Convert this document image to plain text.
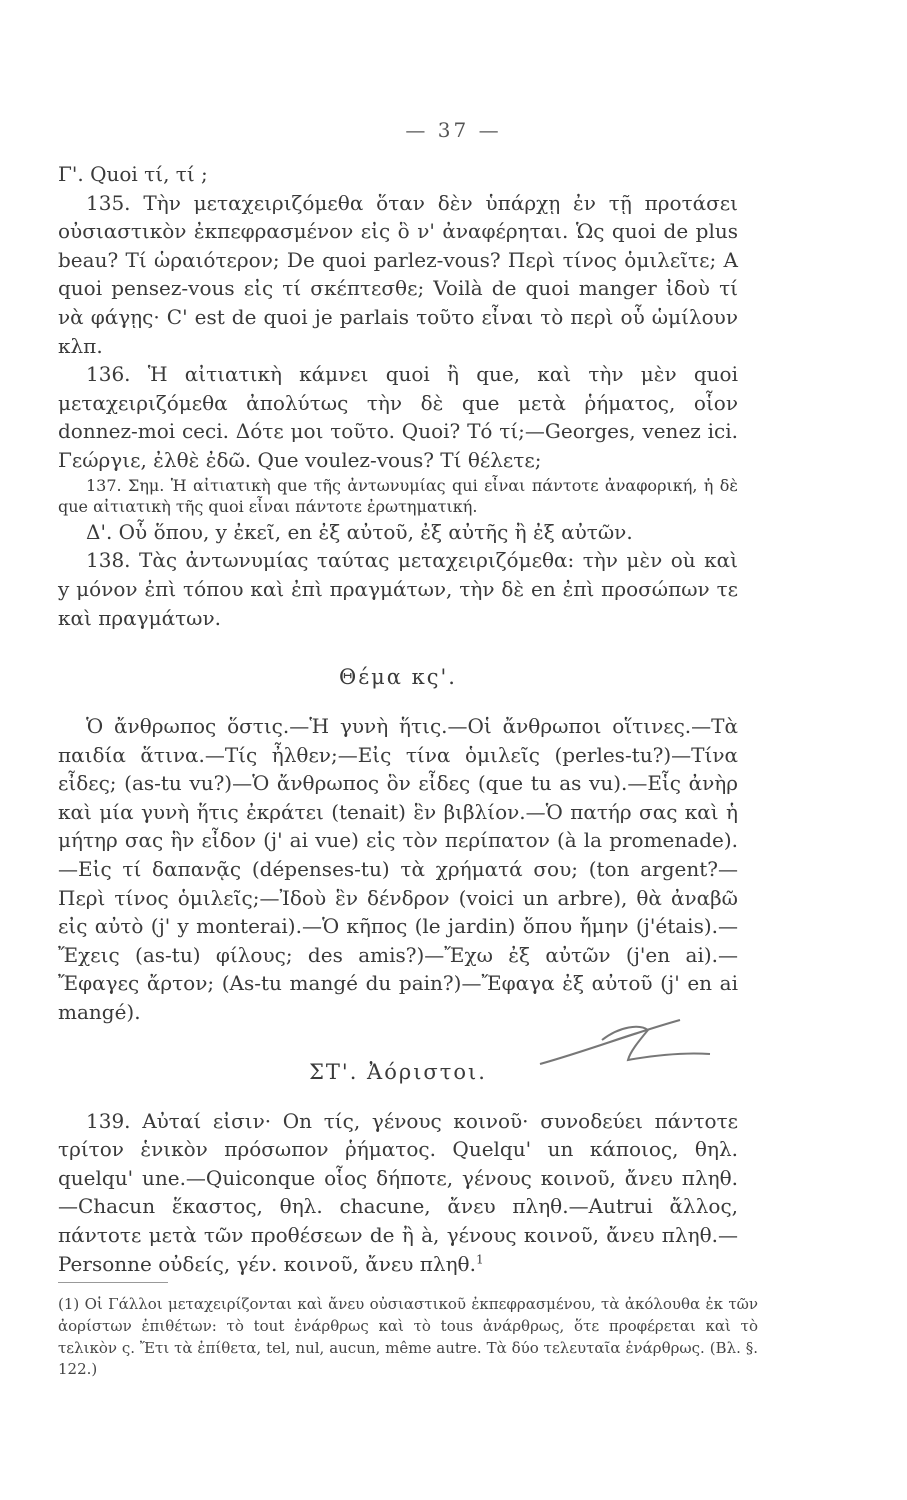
— 37 —

Γ'. Quoi τί, τί ;

135. Τὴν μεταχειριζόμεθα ὅταν δὲν ὑπάρχῃ ἐν τῇ προτάσει οὐσιαστικὸν ἐκπεφρασμένον εἰς ὃ ν' ἀναφέρηται. Ὡς quoi de plus beau? Τί ὡραιότερον; De quoi parlez-vous? Περὶ τίνος ὁμιλεῖτε; A quoi pensez-vous εἰς τί σκέπτεσθε; Voilà de quoi manger ἰδοὺ τί νὰ φάγῃς· C' est de quoi je parlais τοῦτο εἶναι τὸ περὶ οὗ ὡμίλουν κλπ.

136. Ἡ αἰτιατικὴ κάμνει quoi ἢ que, καὶ τὴν μὲν quoi μεταχειριζόμεθα ἀπολύτως τὴν δὲ que μετὰ ῥήματος, οἷον donnez-moi ceci. Δότε μοι τοῦτο. Quoi? Τό τί;—Georges, venez ici. Γεώργιε, ἐλθὲ ἐδῶ. Que voulez-vous? Τί θέλετε;

137. Σημ. Ἡ αἰτιατικὴ que τῆς ἀντωνυμίας qui εἶναι πάντοτε ἀναφορική, ἡ δὲ que αἰτιατικὴ τῆς quoi εἶναι πάντοτε ἐρωτηματική.

Δ'. Οὗ ὅπου, y ἐκεῖ, en ἐξ αὐτοῦ, ἐξ αὐτῆς ἢ ἐξ αὐτῶν.

138. Τὰς ἀντωνυμίας ταύτας μεταχειριζόμεθα: τὴν μὲν où καὶ y μόνον ἐπὶ τόπου καὶ ἐπὶ πραγμάτων, τὴν δὲ en ἐπὶ προσώπων τε καὶ πραγμάτων.

Θέμα κς'.

Ὁ ἄνθρωπος ὅστις.—Ἡ γυνὴ ἥτις.—Οἱ ἄνθρωποι οἵτινες.—Τὰ παιδία ἅτινα.—Τίς ἦλθεν;—Εἰς τίνα ὁμιλεῖς (perles-tu?)—Τίνα εἶδες; (as-tu vu?)—Ὁ ἄνθρωπος ὃν εἶδες (que tu as vu).—Εἷς ἀνὴρ καὶ μία γυνὴ ἥτις ἐκράτει (tenait) ἓν βιβλίον.—Ὁ πατήρ σας καὶ ἡ μήτηρ σας ἣν εἶδον (j' ai vue) εἰς τὸν περίπατον (à la promenade).—Εἰς τί δαπανᾷς (dépenses-tu) τὰ χρήματά σου; (ton argent?—Περὶ τίνος ὁμιλεῖς;—Ἰδοὺ ἓν δένδρον (voici un arbre), θὰ ἀναβῶ εἰς αὐτὸ (j' y monterai).—Ὁ κῆπος (le jardin) ὅπου ἤμην (j'étais).—Ἔχεις (as-tu) φίλους; des amis?)—Ἔχω ἐξ αὐτῶν (j'en ai).—Ἔφαγες ἄρτον; (As-tu mangé du pain?)—Ἔφαγα ἐξ αὐτοῦ (j' en ai mangé).

ΣΤ'. Ἀόριστοι.

139. Αὐταί εἰσιν· On τίς, γένους κοινοῦ· συνοδεύει πάντοτε τρίτον ἑνικὸν πρόσωπον ῥήματος. Quelqu' un κάποιος, θηλ. quelqu' une.—Quiconque οἷος δήποτε, γένους κοινοῦ, ἄνευ πληθ.—Chacun ἕκαστος, θηλ. chacune, ἄνευ πληθ.—Autrui ἄλλος, πάντοτε μετὰ τῶν προθέσεων de ἢ à, γένους κοινοῦ, ἄνευ πληθ.—Personne οὐδείς, γέν. κοινοῦ, ἄνευ πληθ.$^1$

(1) Οἱ Γάλλοι μεταχειρίζονται καὶ ἄνευ οὐσιαστικοῦ ἐκπεφρασμένου, τὰ ἀκόλουθα ἐκ τῶν ἀορίστων ἐπιθέτων: τὸ tout ἐνάρθρως καὶ τὸ tous ἀνάρθρως, ὅτε προφέρεται καὶ τὸ τελικὸν ς. Ἔτι τὰ ἐπίθετα, tel, nul, aucun, même autre. Τὰ δύο τελευταῖα ἐνάρθρως. (Βλ. §. 122.)
